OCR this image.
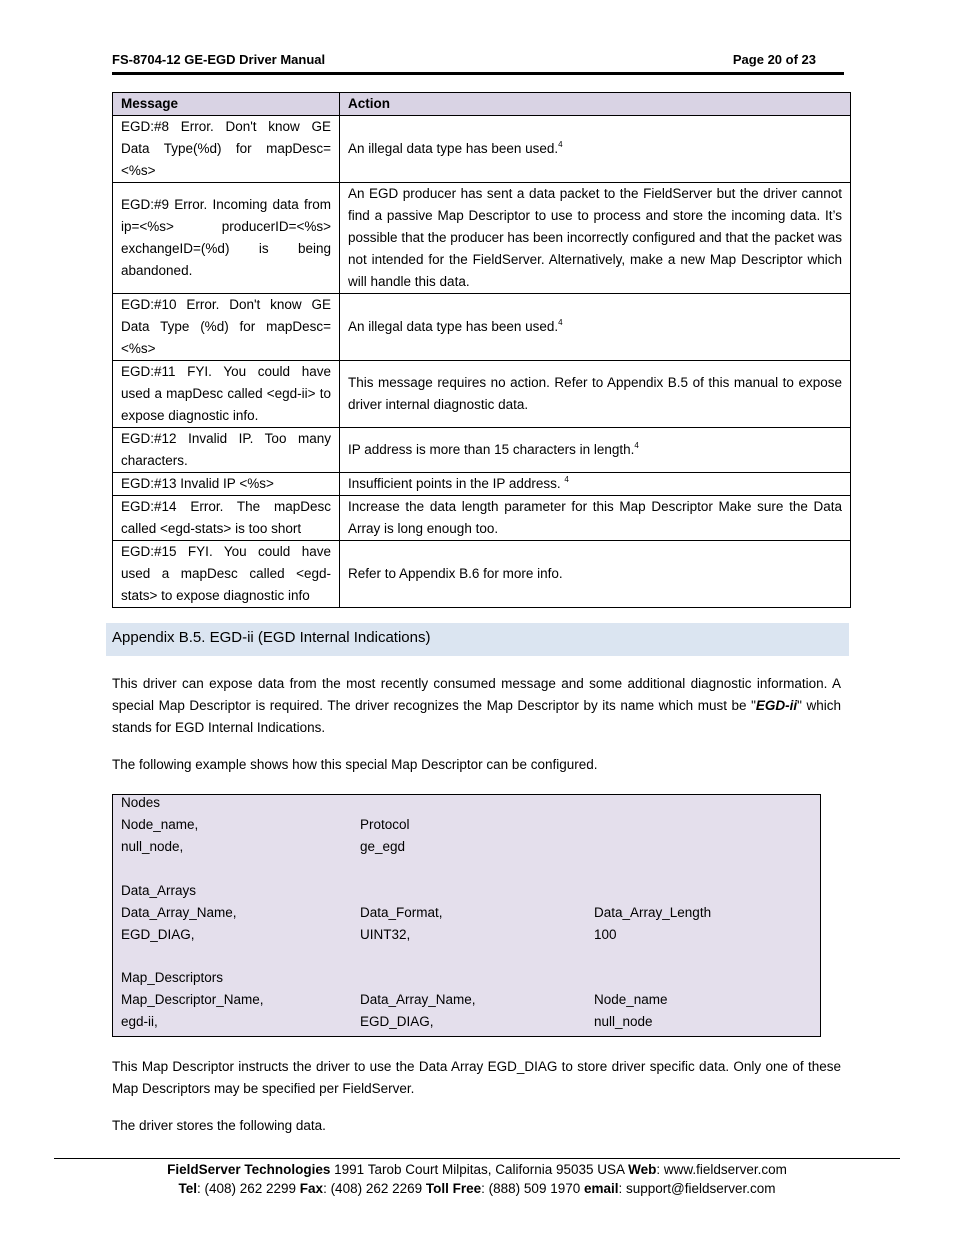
FS-8704-12 GE-EGD Driver Manual	Page 20 of 23
Message	Action
EGD:#8 Error. Don't know GE Data Type(%d) for mapDesc=<%s>	An illegal data type has been used.$^4$
EGD:#9 Error. Incoming data from ip=<%s> producerID=<%s> exchangeID=(%d) is being abandoned.	An EGD producer has sent a data packet to the FieldServer but the driver cannot find a passive Map Descriptor to use to process and store the incoming data. It’s possible that the producer has been incorrectly configured and that the packet was not intended for the FieldServer. Alternatively, make a new Map Descriptor which will handle this data.
EGD:#10 Error. Don't know GE Data Type (%d) for mapDesc=<%s>	An illegal data type has been used.$^4$
EGD:#11 FYI. You could have used a mapDesc called <egd-ii> to expose diagnostic info.	This message requires no action. Refer to Appendix B.5 of this manual to expose driver internal diagnostic data.
EGD:#12 Invalid IP. Too many characters.	IP address is more than 15 characters in length.$^4$
EGD:#13 Invalid IP <%s>	Insufficient points in the IP address. $^4$
EGD:#14 Error. The mapDesc called <egd-stats> is too short	Increase the data length parameter for this Map Descriptor Make sure the Data Array is long enough too.
EGD:#15 FYI. You could have used a mapDesc called <egd-stats> to expose diagnostic info	Refer to Appendix B.6 for more info.
Appendix B.5. EGD-ii (EGD Internal Indications)
This driver can expose data from the most recently consumed message and some additional diagnostic information. A special Map Descriptor is required. The driver recognizes the Map Descriptor by its name which must be "EGD-ii" which stands for EGD Internal Indications.
The following example shows how this special Map Descriptor can be configured.
Nodes
Node_name,	Protocol
null_node,	ge_egd
Data_Arrays
Data_Array_Name,	Data_Format,	Data_Array_Length
EGD_DIAG,	UINT32,	100
Map_Descriptors
Map_Descriptor_Name,	Data_Array_Name,	Node_name
egd-ii,	EGD_DIAG,	null_node
This Map Descriptor instructs the driver to use the Data Array EGD_DIAG to store driver specific data. Only one of these Map Descriptors may be specified per FieldServer.
The driver stores the following data.
FieldServer Technologies 1991 Tarob Court Milpitas, California 95035 USA Web: www.fieldserver.com
Tel: (408) 262 2299 Fax: (408) 262 2269 Toll Free: (888) 509 1970 email: support@fieldserver.com
